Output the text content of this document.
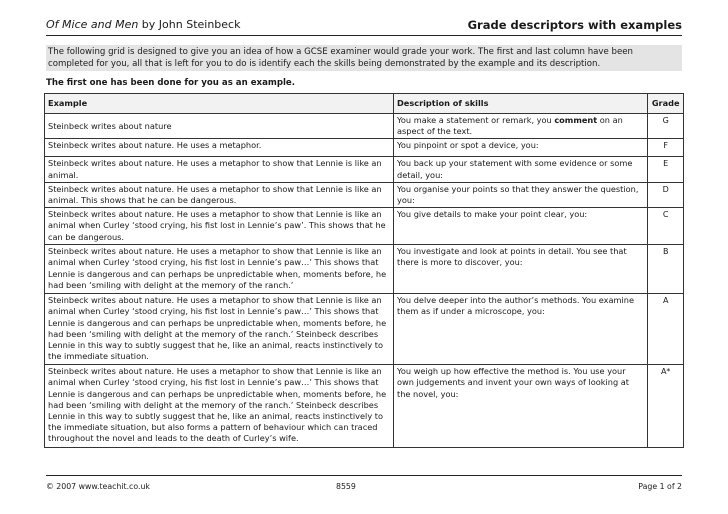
Of Mice and Men by John Steinbeck	Grade descriptors with examples
The following grid is designed to give you an idea of how a GCSE examiner would grade your work. The first and last column have been completed for you, all that is left for you to do is identify each the skills being demonstrated by the example and its description.
The first one has been done for you as an example.
Example	Description of skills	Grade
Steinbeck writes about nature	You make a statement or remark, you comment on an aspect of the text.	G
Steinbeck writes about nature. He uses a metaphor.	You pinpoint or spot a device, you:	F
Steinbeck writes about nature. He uses a metaphor to show that Lennie is like an animal.	You back up your statement with some evidence or some detail, you:	E
Steinbeck writes about nature. He uses a metaphor to show that Lennie is like an animal. This shows that he can be dangerous.	You organise your points so that they answer the question, you:	D
Steinbeck writes about nature. He uses a metaphor to show that Lennie is like an animal when Curley ‘stood crying, his fist lost in Lennie’s paw’. This shows that he can be dangerous.	You give details to make your point clear, you:	C
Steinbeck writes about nature. He uses a metaphor to show that Lennie is like an animal when Curley ‘stood crying, his fist lost in Lennie’s paw…’ This shows that Lennie is dangerous and can perhaps be unpredictable when, moments before, he had been ‘smiling with delight at the memory of the ranch.’	You investigate and look at points in detail. You see that there is more to discover, you:	B
Steinbeck writes about nature. He uses a metaphor to show that Lennie is like an animal when Curley ‘stood crying, his fist lost in Lennie’s paw…’ This shows that Lennie is dangerous and can perhaps be unpredictable when, moments before, he had been ‘smiling with delight at the memory of the ranch.’ Steinbeck describes Lennie in this way to subtly suggest that he, like an animal, reacts instinctively to the immediate situation.	You delve deeper into the author’s methods. You examine them as if under a microscope, you:	A
Steinbeck writes about nature. He uses a metaphor to show that Lennie is like an animal when Curley ‘stood crying, his fist lost in Lennie’s paw…’ This shows that Lennie is dangerous and can perhaps be unpredictable when, moments before, he had been ‘smiling with delight at the memory of the ranch.’ Steinbeck describes Lennie in this way to subtly suggest that he, like an animal, reacts instinctively to the immediate situation, but also forms a pattern of behaviour which can traced throughout the novel and leads to the death of Curley’s wife.	You weigh up how effective the method is. You use your own judgements and invent your own ways of looking at the novel, you:	A*
© 2007 www.teachit.co.uk	8559	Page 1 of 2
